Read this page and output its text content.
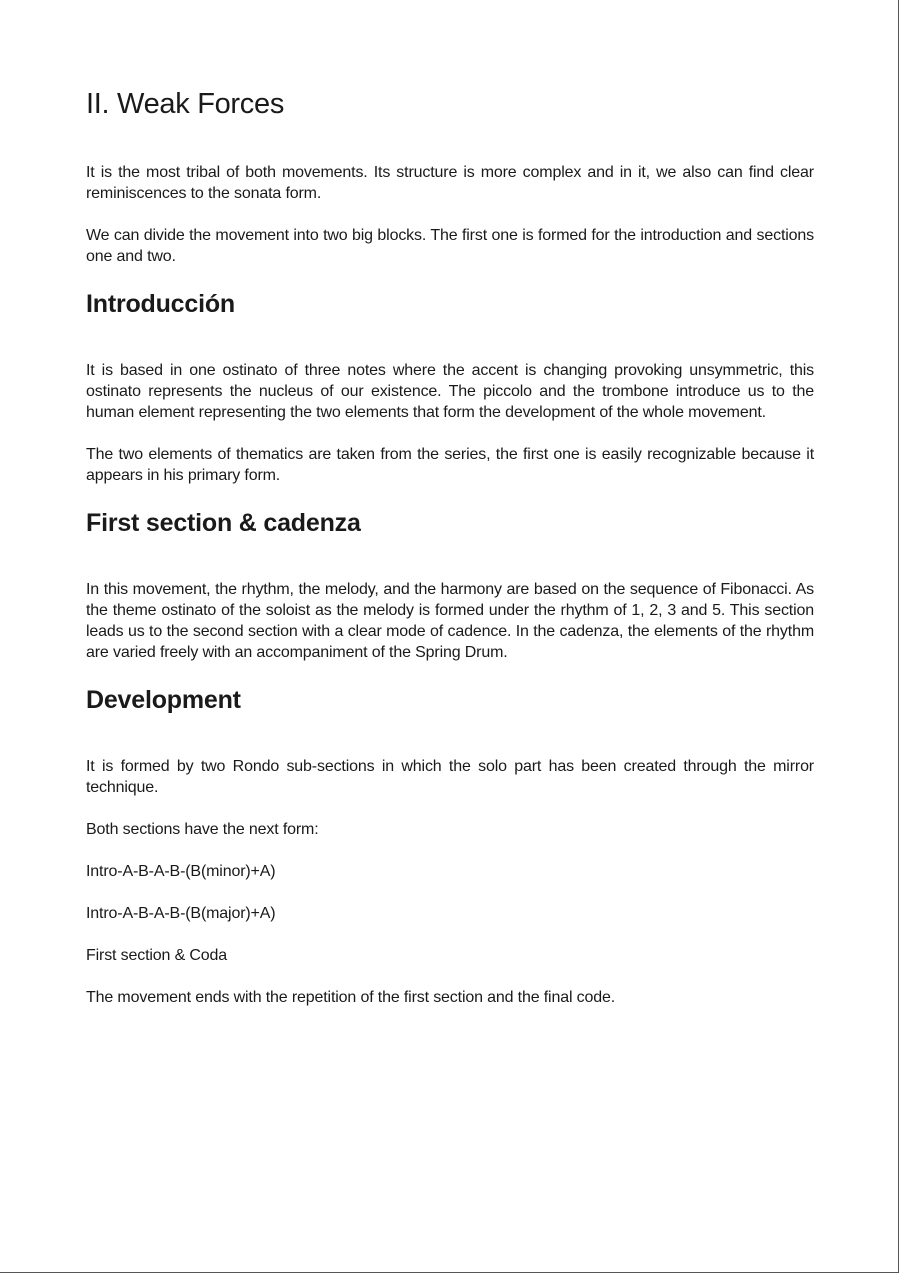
II. Weak Forces

It is the most tribal of both movements. Its structure is more complex and in it, we also can find clear reminiscences to the sonata form.

We can divide the movement into two big blocks. The first one is formed for the introduction and sections one and two.

Introducción

It is based in one ostinato of three notes where the accent is changing provoking unsymmetric, this ostinato represents the nucleus of our existence. The piccolo and the trombone introduce us to the human element representing the two elements that form the development of the whole movement.

The two elements of thematics are taken from the series, the first one is easily recognizable because it appears in his primary form.

First section & cadenza

In this movement, the rhythm, the melody, and the harmony are based on the sequence of Fibonacci. As the theme ostinato of the soloist as the melody is formed under the rhythm of 1, 2, 3 and 5. This section leads us to the second section with a clear mode of cadence. In the cadenza, the elements of the rhythm are varied freely with an accompaniment of the Spring Drum.

Development

It is formed by two Rondo sub-sections in which the solo part has been created through the mirror technique.

Both sections have the next form:
Intro-A-B-A-B-(B(minor)+A)
Intro-A-B-A-B-(B(major)+A)
First section & Coda
The movement ends with the repetition of the first section and the final code.
